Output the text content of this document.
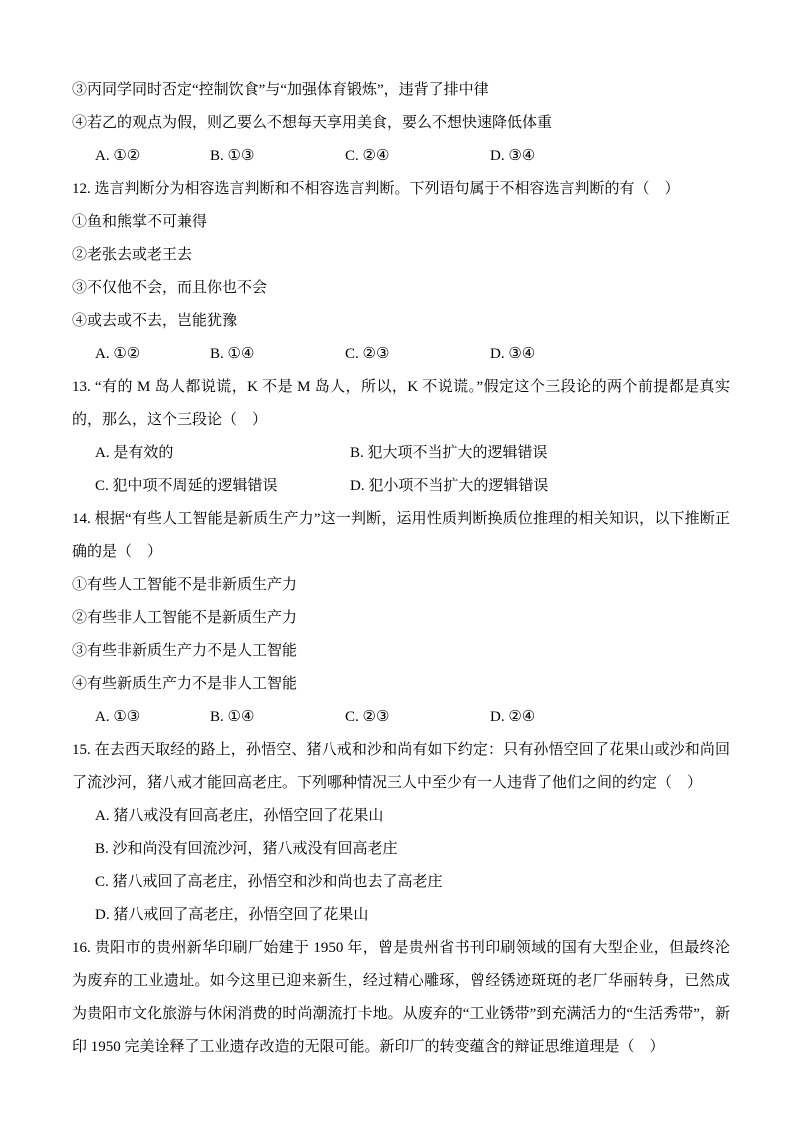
③丙同学同时否定“控制饮食”与“加强体育锻炼”，违背了排中律

④若乙的观点为假，则乙要么不想每天享用美食，要么不想快速降低体重

A. ①②	B. ①③	C. ②④	D. ③④

12. 选言判断分为相容选言判断和不相容选言判断。下列语句属于不相容选言判断的有（　）

①鱼和熊掌不可兼得

②老张去或老王去

③不仅他不会，而且你也不会

④或去或不去，岂能犹豫

A. ①②	B. ①④	C. ②③	D. ③④

13. “有的 M 岛人都说谎，K 不是 M 岛人，所以，K 不说谎。”假定这个三段论的两个前提都是真实的，那么，这个三段论（　）

A. 是有效的	B. 犯大项不当扩大的逻辑错误
C. 犯中项不周延的逻辑错误	D. 犯小项不当扩大的逻辑错误

14. 根据“有些人工智能是新质生产力”这一判断，运用性质判断换质位推理的相关知识，以下推断正确的是（　）

①有些人工智能不是非新质生产力

②有些非人工智能不是新质生产力

③有些非新质生产力不是人工智能

④有些新质生产力不是非人工智能

A. ①③	B. ①④	C. ②③	D. ②④

15. 在去西天取经的路上，孙悟空、猪八戒和沙和尚有如下约定：只有孙悟空回了花果山或沙和尚回了流沙河，猪八戒才能回高老庄。下列哪种情况三人中至少有一人违背了他们之间的约定（　）

A. 猪八戒没有回高老庄，孙悟空回了花果山

B. 沙和尚没有回流沙河，猪八戒没有回高老庄

C. 猪八戒回了高老庄，孙悟空和沙和尚也去了高老庄

D. 猪八戒回了高老庄，孙悟空回了花果山

16. 贵阳市的贵州新华印刷厂始建于 1950 年，曾是贵州省书刊印刷领域的国有大型企业，但最终沦为废弃的工业遗址。如今这里已迎来新生，经过精心雕琢，曾经锈迹斑斑的老厂华丽转身，已然成为贵阳市文化旅游与休闲消费的时尚潮流打卡地。从废弃的“工业锈带”到充满活力的“生活秀带”，新印 1950 完美诠释了工业遗存改造的无限可能。新印厂的转变蕴含的辩证思维道理是（　）
